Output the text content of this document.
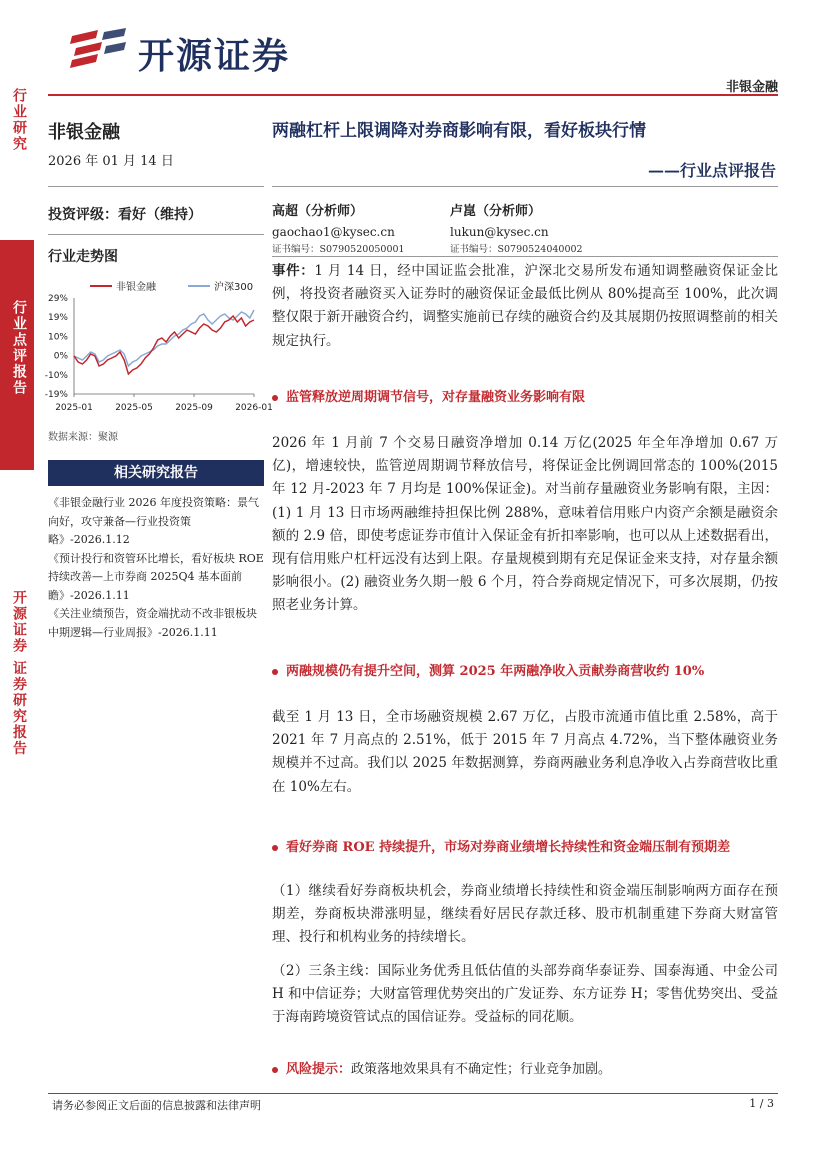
开源证券
非银金融
行业研究
行业点评报告
开源证券 证券研究报告
非银金融
2026 年 01 月 14 日
投资评级：看好（维持）
行业走势图
非银金融	沪深300
29%
19%
10%
0%
-10%
-19%
2025-01 2025-05 2025-09 2026-01
数据来源：聚源
相关研究报告
《非银金融行业 2026 年度投资策略：景气向好，攻守兼备—行业投资策略》-2026.1.12
《预计投行和资管环比增长，看好板块 ROE 持续改善—上市券商 2025Q4 基本面前瞻》-2026.1.11
《关注业绩预告，资金端扰动不改非银板块中期逻辑—行业周报》-2026.1.11
两融杠杆上限调降对券商影响有限，看好板块行情
——行业点评报告
高超（分析师）
gaochao1@kysec.cn
证书编号：S0790520050001
卢崑（分析师）
lukun@kysec.cn
证书编号：S0790524040002
事件：1 月 14 日，经中国证监会批准，沪深北交易所发布通知调整融资保证金比例，将投资者融资买入证券时的融资保证金最低比例从 80%提高至 100%，此次调整仅限于新开融资合约，调整实施前已存续的融资合约及其展期仍按照调整前的相关规定执行。
监管释放逆周期调节信号，对存量融资业务影响有限
2026 年 1 月前 7 个交易日融资净增加 0.14 万亿(2025 年全年净增加 0.67 万亿)，增速较快，监管逆周期调节释放信号，将保证金比例调回常态的 100%(2015 年 12 月-2023 年 7 月均是 100%保证金)。对当前存量融资业务影响有限，主因：(1) 1 月 13 日市场两融维持担保比例 288%，意味着信用账户内资产余额是融资余额的 2.9 倍，即使考虑证券市值计入保证金有折扣率影响，也可以从上述数据看出，现有信用账户杠杆远没有达到上限。存量规模到期有充足保证金来支持，对存量余额影响很小。(2) 融资业务久期一般 6 个月，符合券商规定情况下，可多次展期，仍按照老业务计算。
两融规模仍有提升空间，测算 2025 年两融净收入贡献券商营收约 10%
截至 1 月 13 日，全市场融资规模 2.67 万亿，占股市流通市值比重 2.58%，高于 2021 年 7 月高点的 2.51%，低于 2015 年 7 月高点 4.72%，当下整体融资业务规模并不过高。我们以 2025 年数据测算，券商两融业务利息净收入占券商营收比重在 10%左右。
看好券商 ROE 持续提升，市场对券商业绩增长持续性和资金端压制有预期差
（1）继续看好券商板块机会，券商业绩增长持续性和资金端压制影响两方面存在预期差，券商板块滞涨明显，继续看好居民存款迁移、股市机制重建下券商大财富管理、投行和机构业务的持续增长。
（2）三条主线：国际业务优秀且低估值的头部券商华泰证券、国泰海通、中金公司 H 和中信证券；大财富管理优势突出的广发证券、东方证券 H；零售优势突出、受益于海南跨境资管试点的国信证券。受益标的同花顺。
风险提示：政策落地效果具有不确定性；行业竞争加剧。
请务必参阅正文后面的信息披露和法律声明	1 / 3
